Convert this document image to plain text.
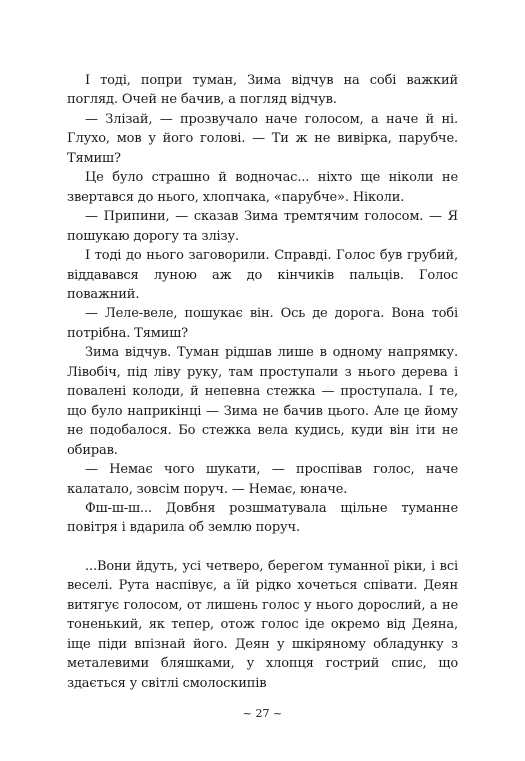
І тоді, попри туман, Зима відчув на собі важкий погляд. Очей не бачив, а погляд відчув.

— Злізай, — прозвучало наче голосом, а наче й ні. Глухо, мов у його голові. — Ти ж не вивірка, парубче. Тямиш?

Це було страшно й водночас... ніхто ще ніколи не звертався до нього, хлопчака, «парубче». Ніколи.

— Припини, — сказав Зима тремтячим голосом. — Я пошукаю дорогу та злізу.

І тоді до нього заговорили. Справді. Голос був грубий, віддавався луною аж до кінчиків пальців. Голос поважний.

— Леле-веле, пошукає він. Ось де дорога. Вона тобі потрібна. Тямиш?

Зима відчув. Туман рідшав лише в одному напрямку. Лівобіч, під ліву руку, там проступали з нього дерева і повалені колоди, й непевна стежка — проступала. І те, що було наприкінці — Зима не бачив цього. Але це йому не подобалося. Бо стежка вела кудись, куди він іти не обирав.

— Немає чого шукати, — проспівав голос, наче калатало, зовсім поруч. — Немає, юначе.

Фш-ш-ш... Довбня розшматувала щільне туманне повітря і вдарила об землю поруч.

...Вони йдуть, усі четверо, берегом туманної ріки, і всі веселі. Рута наспівує, а їй рідко хочеться співати. Деян витягує голосом, от лишень голос у нього дорослий, а не тоненький, як тепер, отож голос іде окремо від Деяна, іще піди впізнай його. Деян у шкіряному обладунку з металевими бляшками, у хлопця гострий спис, що здається у світлі смолоскипів

~ 27 ~
